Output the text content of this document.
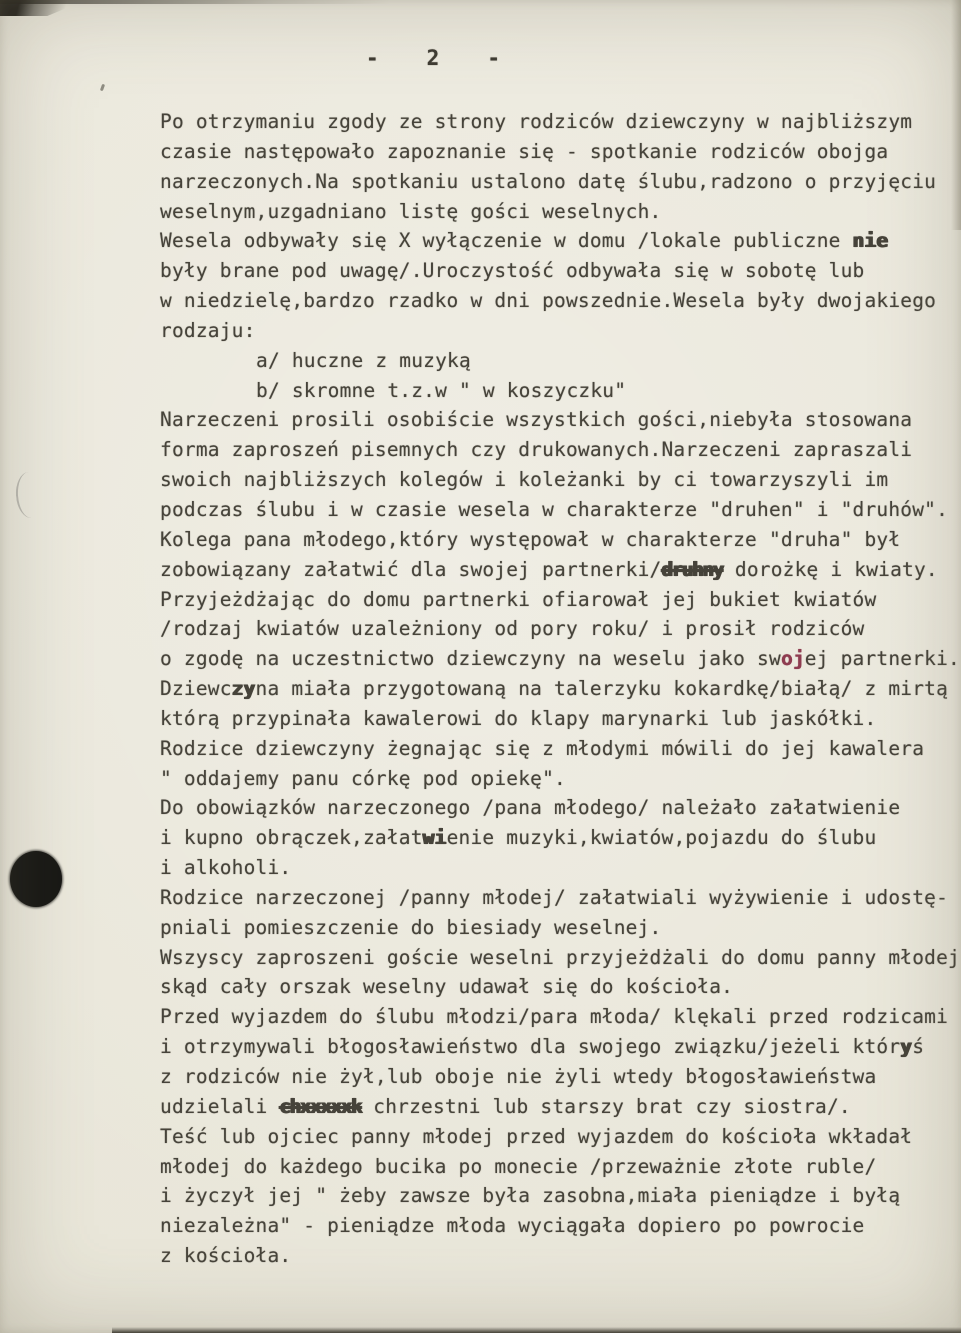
- 2 -
Po otrzymaniu zgody ze strony rodziców dziewczyny w najbliższym
czasie następowało zapoznanie się - spotkanie rodziców obojga
narzeczonych.Na spotkaniu ustalono datę ślubu,radzono o przyjęciu
weselnym,uzgadniano listę gości weselnych.
Wesela odbywały się X wyłączenie w domu /lokale publiczne nie
były brane pod uwagę/.Uroczystość odbywała się w sobotę lub
w niedzielę,bardzo rzadko w dni powszednie.Wesela były dwojakiego
rodzaju:
a/ huczne z muzyką
b/ skromne t.z.w " w koszyczku"
Narzeczeni prosili osobiście wszystkich gości,niebyła stosowana
forma zaproszeń pisemnych czy drukowanych.Narzeczeni zapraszali
swoich najbliższych kolegów i koleżanki by ci towarzyszyli im
podczas ślubu i w czasie wesela w charakterze "druhen" i "druhów".
Kolega pana młodego,który występował w charakterze "druha" był
zobowiązany załatwić dla swojej partnerki/druhny dorożkę i kwiaty.
Przyjeżdżając do domu partnerki ofiarował jej bukiet kwiatów
/rodzaj kwiatów uzależniony od pory roku/ i prosił rodziców
o zgodę na uczestnictwo dziewczyny na weselu jako swojej partnerki.
Dziewczyna miała przygotowaną na talerzyku kokardkę/białą/ z mirtą
którą przypinała kawalerowi do klapy marynarki lub jaskółki.
Rodzice dziewczyny żegnając się z młodymi mówili do jej kawalera
" oddajemy panu córkę pod opiekę".
Do obowiązków narzeczonego /pana młodego/ należało załatwienie
i kupno obrączek,załatwienie muzyki,kwiatów,pojazdu do ślubu
i alkoholi.
Rodzice narzeczonej /panny młodej/ załatwiali wyżywienie i udostę-
pniali pomieszczenie do biesiady weselnej.
Wszyscy zaproszeni goście weselni przyjeżdżali do domu panny młodej
skąd cały orszak weselny udawał się do kościoła.
Przed wyjazdem do ślubu młodzi/para młoda/ klękali przed rodzicami
i otrzymywali błogosławieństwo dla swojego związku/jeżeli któryś
z rodziców nie żył,lub oboje nie żyli wtedy błogosławieństwa
udzielali chxxxxxk chrzestni lub starszy brat czy siostra/.
Teść lub ojciec panny młodej przed wyjazdem do kościoła wkładał
młodej do każdego bucika po monecie /przeważnie złote ruble/
i życzył jej " żeby zawsze była zasobna,miała pieniądze i byłą
niezależna" - pieniądze młoda wyciągała dopiero po powrocie
z kościoła.
